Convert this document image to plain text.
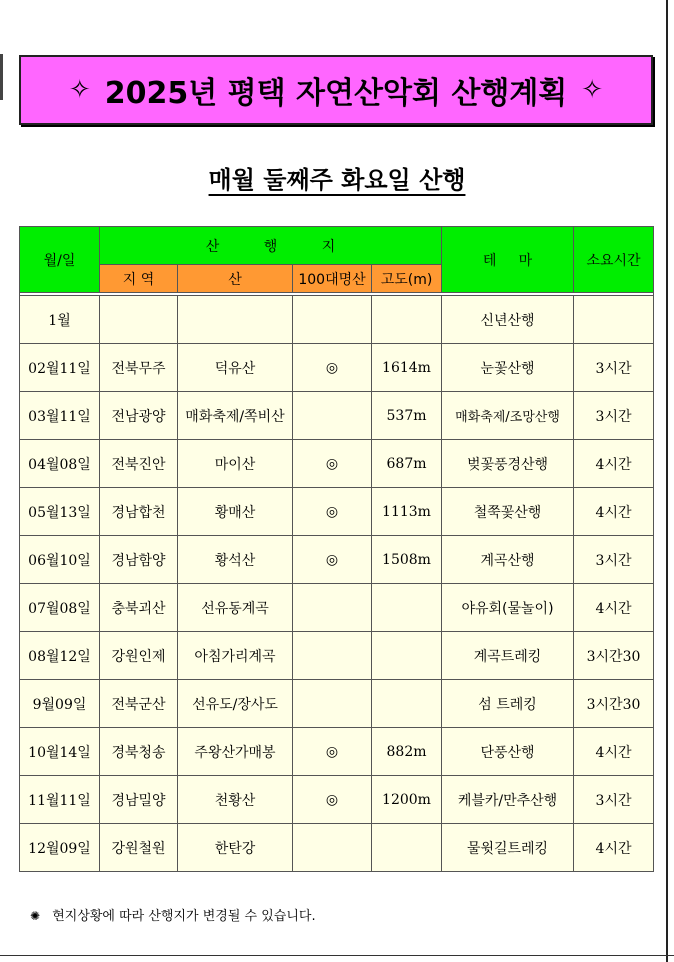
✧ 2025년 평택 자연산악회 산행계획 ✧
매월 둘째주 화요일 산행
월/일	산          행          지				테     마	소요시간
	지 역	산	100대명산	고도(m)		

1월					신년산행	
02월11일	전북무주	덕유산	◎	1614m	눈꽃산행	3시간
03월11일	전남광양	매화축제/쪽비산		537m	매화축제/조망산행	3시간
04월08일	전북진안	마이산	◎	687m	벚꽃풍경산행	4시간
05월13일	경남합천	황매산	◎	1113m	철쭉꽃산행	4시간
06월10일	경남함양	황석산	◎	1508m	계곡산행	3시간
07월08일	충북괴산	선유동계곡			야유회(물놀이)	4시간
08월12일	강원인제	아침가리계곡			계곡트레킹	3시간30
9월09일	전북군산	선유도/장사도			섬 트레킹	3시간30
10월14일	경북청송	주왕산가매봉	◎	882m	단풍산행	4시간
11월11일	경남밀양	천황산	◎	1200m	케블카/만추산행	3시간
12월09일	강원철원	한탄강			물윗길트레킹	4시간
✺ 현지상황에 따라 산행지가 변경될 수 있습니다.
